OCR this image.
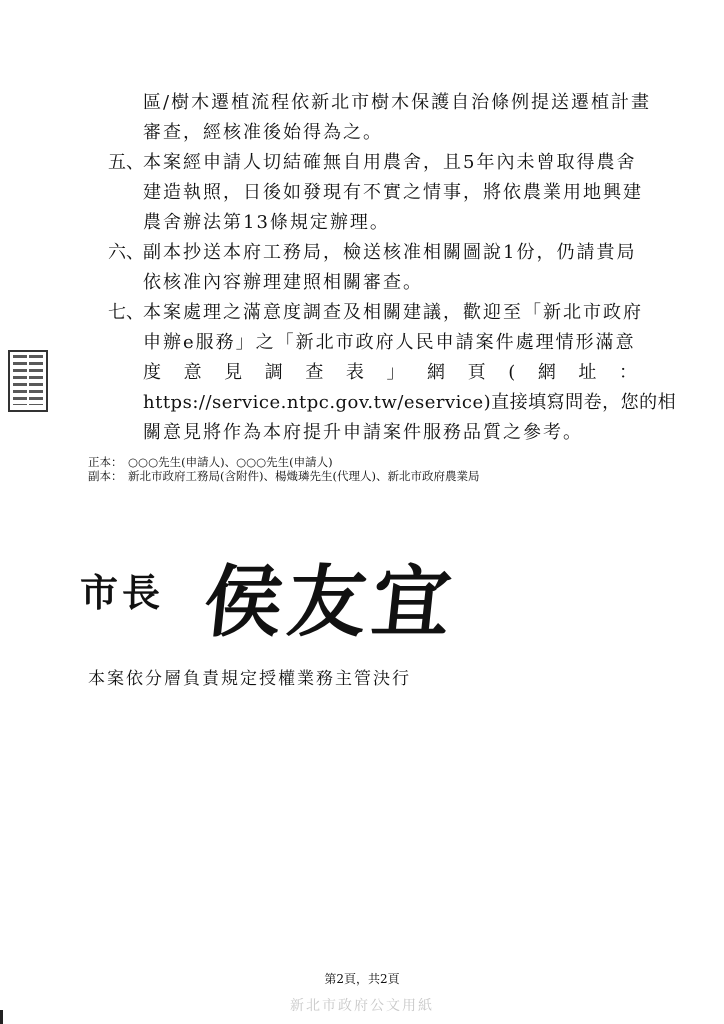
區/樹木遷植流程依新北市樹木保護自治條例提送遷植計畫
審查，經核准後始得為之。
五、 本案經申請人切結確無自用農舍，且5年內未曾取得農舍
建造執照，日後如發現有不實之情事，將依農業用地興建
農舍辦法第13條規定辦理。
六、 副本抄送本府工務局，檢送核准相關圖說1份，仍請貴局
依核准內容辦理建照相關審查。
七、 本案處理之滿意度調查及相關建議，歡迎至「新北市政府
申辦e服務」之「新北市政府人民申請案件處理情形滿意
度 意 見 調 查 表 」 網 頁 ( 網 址 ：
https://service.ntpc.gov.tw/eservice)直接填寫問卷，您的相
關意見將作為本府提升申請案件服務品質之參考。
正本： ○○○先生(申請人)、○○○先生(申請人)
副本： 新北市政府工務局(含附件)、楊熾璘先生(代理人)、新北市政府農業局
市長 侯友宜
本案依分層負責規定授權業務主管決行
第2頁，共2頁
新北市政府公文用紙
